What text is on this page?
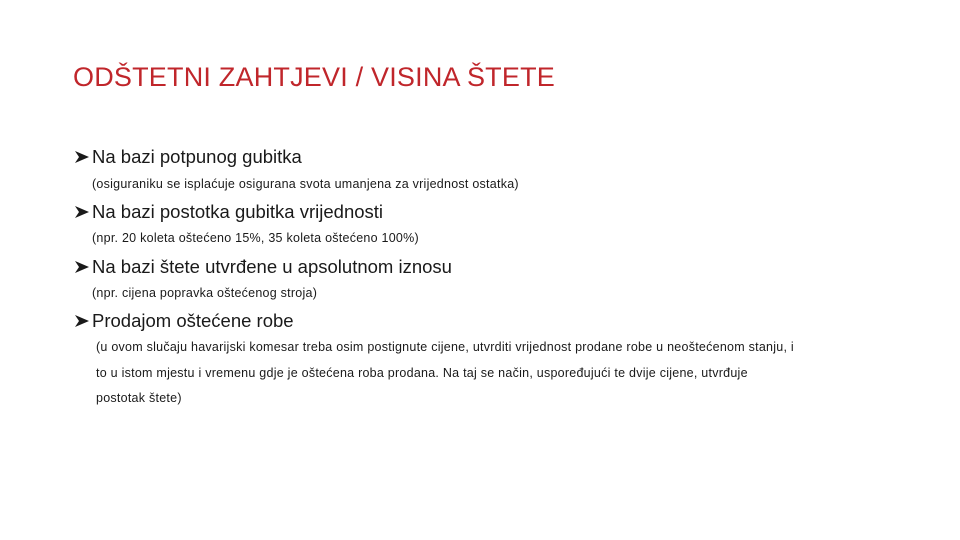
ODŠTETNI ZAHTJEVI / VISINA ŠTETE
Na bazi potpunog gubitka
(osiguraniku se isplaćuje osigurana svota umanjena za vrijednost ostatka)
Na bazi postotka gubitka vrijednosti
(npr. 20 koleta oštećeno 15%, 35 koleta oštećeno 100%)
Na bazi štete utvrđene u apsolutnom iznosu
(npr. cijena popravka oštećenog stroja)
Prodajom oštećene robe
(u ovom slučaju havarijski komesar treba osim postignute cijene, utvrditi vrijednost prodane robe u neoštećenom stanju, i
to u istom mjestu i vremenu gdje je oštećena roba prodana. Na taj se način, uspoređujući te dvije cijene, utvrđuje
postotak štete)
